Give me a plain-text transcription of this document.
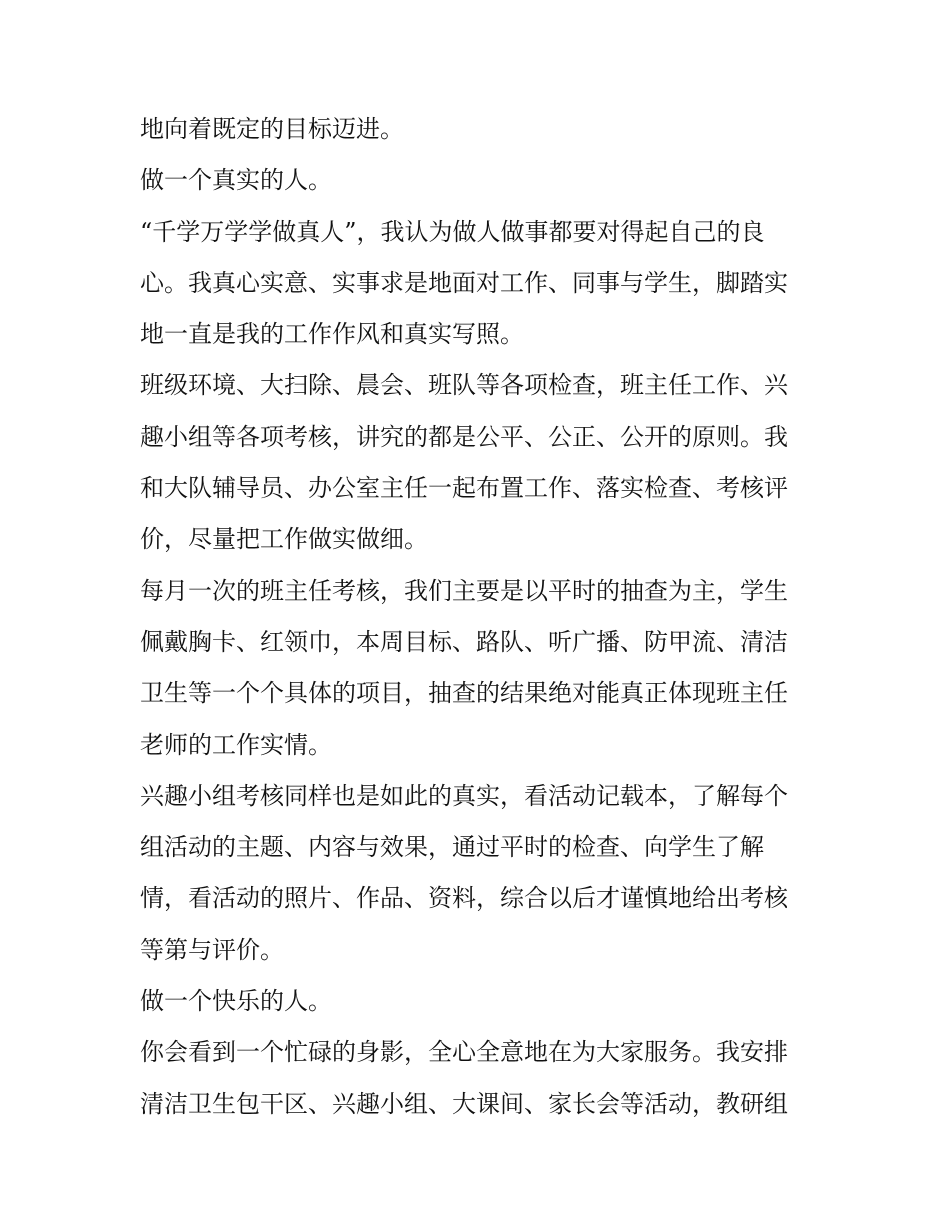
地向着既定的目标迈进。
做一个真实的人。
“千学万学学做真人”，我认为做人做事都要对得起自己的良
心。我真心实意、实事求是地面对工作、同事与学生，脚踏实
地一直是我的工作作风和真实写照。
班级环境、大扫除、晨会、班队等各项检查，班主任工作、兴
趣小组等各项考核，讲究的都是公平、公正、公开的原则。我
和大队辅导员、办公室主任一起布置工作、落实检查、考核评
价，尽量把工作做实做细。
每月一次的班主任考核，我们主要是以平时的抽查为主，学生
佩戴胸卡、红领巾，本周目标、路队、听广播、防甲流、清洁
卫生等一个个具体的项目，抽查的结果绝对能真正体现班主任
老师的工作实情。
兴趣小组考核同样也是如此的真实，看活动记载本，了解每个
组活动的主题、内容与效果，通过平时的检查、向学生了解
情，看活动的照片、作品、资料，综合以后才谨慎地给出考核
等第与评价。
做一个快乐的人。
你会看到一个忙碌的身影，全心全意地在为大家服务。我安排
清洁卫生包干区、兴趣小组、大课间、家长会等活动，教研组
